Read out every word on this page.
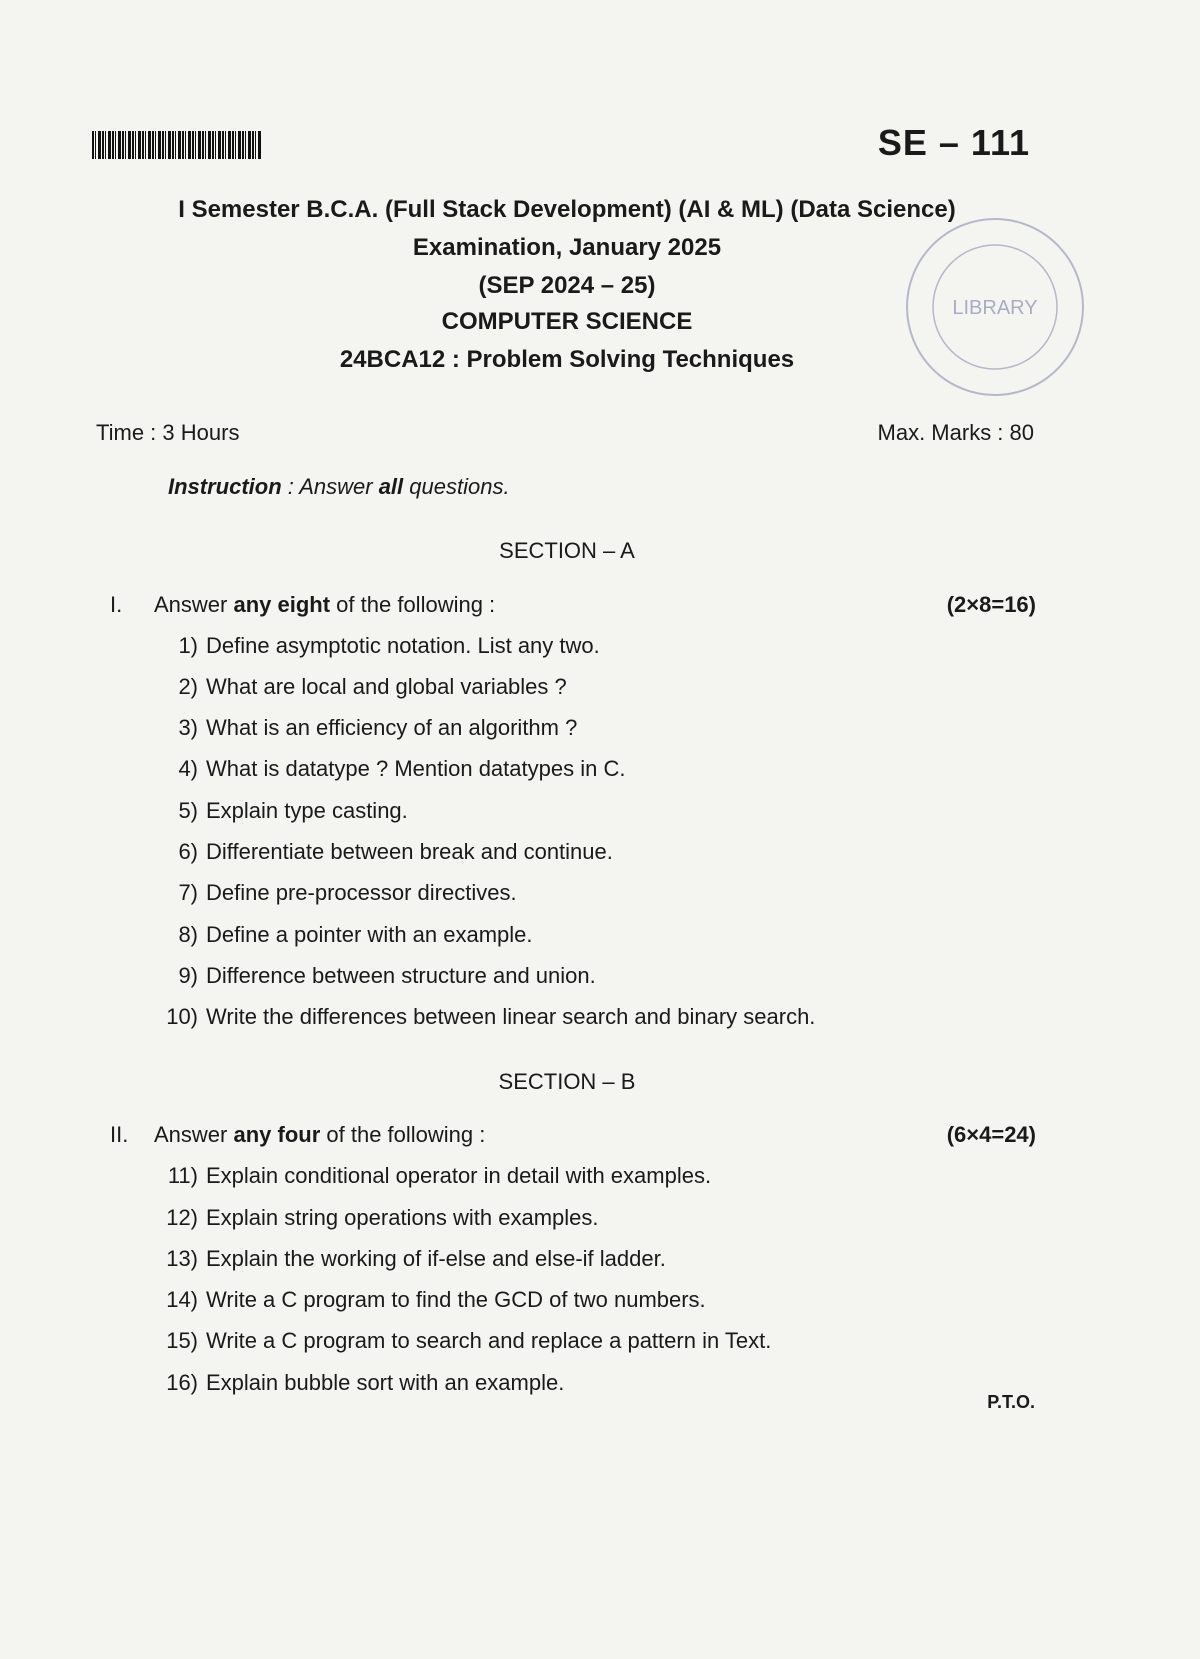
SE – 111
LIBRARY
I Semester B.C.A. (Full Stack Development) (AI & ML) (Data Science)
Examination, January 2025
(SEP 2024 – 25)
COMPUTER SCIENCE
24BCA12 : Problem Solving Techniques
Time : 3 Hours	Max. Marks : 80
Instruction : Answer all questions.
SECTION – A
I. Answer any eight of the following :	(2×8=16)
1) Define asymptotic notation. List any two.
2) What are local and global variables ?
3) What is an efficiency of an algorithm ?
4) What is datatype ? Mention datatypes in C.
5) Explain type casting.
6) Differentiate between break and continue.
7) Define pre-processor directives.
8) Define a pointer with an example.
9) Difference between structure and union.
10) Write the differences between linear search and binary search.
SECTION – B
II. Answer any four of the following :	(6×4=24)
11) Explain conditional operator in detail with examples.
12) Explain string operations with examples.
13) Explain the working of if-else and else-if ladder.
14) Write a C program to find the GCD of two numbers.
15) Write a C program to search and replace a pattern in Text.
16) Explain bubble sort with an example.
P.T.O.
